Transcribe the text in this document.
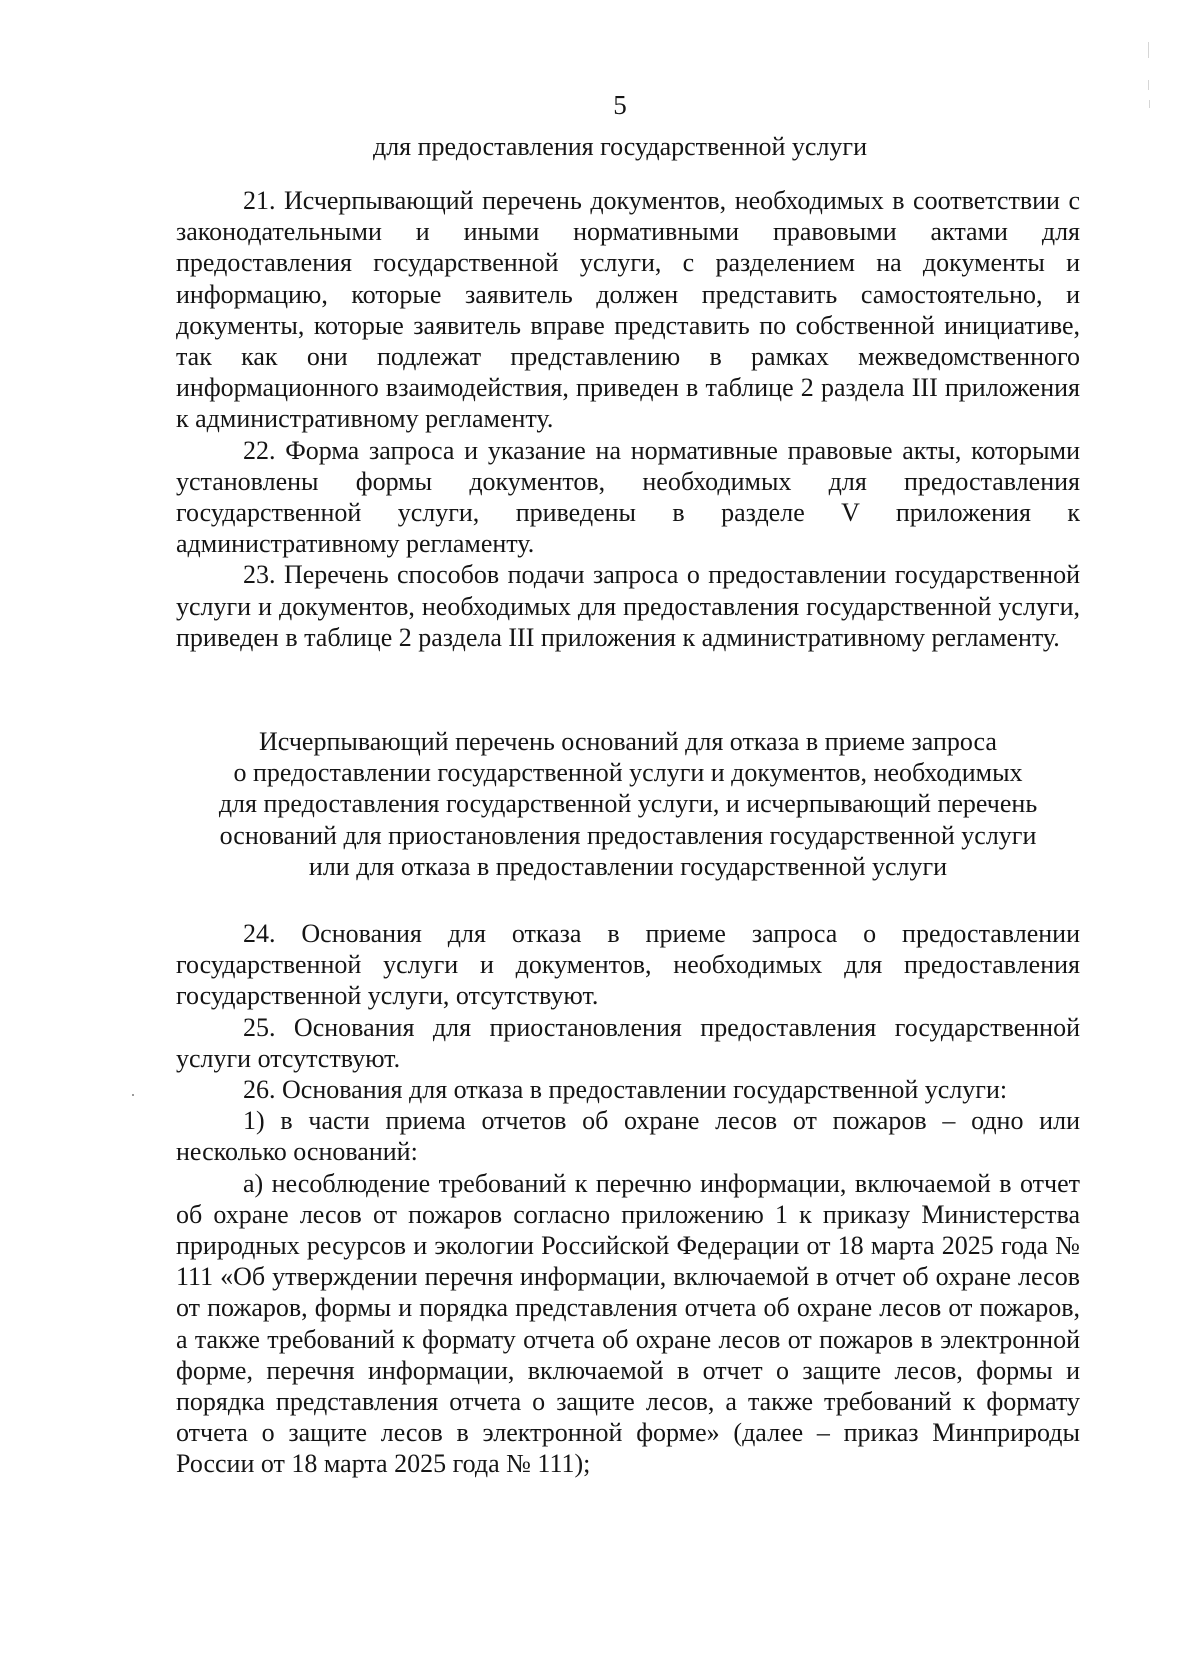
5
для предоставления государственной услуги

21. Исчерпывающий перечень документов, необходимых в соответствии с законодательными и иными нормативными правовыми актами для предоставления государственной услуги, с разделением на документы и информацию, которые заявитель должен представить самостоятельно, и документы, которые заявитель вправе представить по собственной инициативе, так как они подлежат представлению в рамках межведомственного информационного взаимодействия, приведен в таблице 2 раздела III приложения к административному регламенту.

22. Форма запроса и указание на нормативные правовые акты, которыми установлены формы документов, необходимых для предоставления государственной услуги, приведены в разделе V приложения к административному регламенту.

23. Перечень способов подачи запроса о предоставлении государственной услуги и документов, необходимых для предоставления государственной услуги, приведен в таблице 2 раздела III приложения к административному регламенту.

Исчерпывающий перечень оснований для отказа в приеме запроса
о предоставлении государственной услуги и документов, необходимых
для предоставления государственной услуги, и исчерпывающий перечень
оснований для приостановления предоставления государственной услуги
или для отказа в предоставлении государственной услуги

24. Основания для отказа в приеме запроса о предоставлении государственной услуги и документов, необходимых для предоставления государственной услуги, отсутствуют.

25. Основания для приостановления предоставления государственной услуги отсутствуют.

26. Основания для отказа в предоставлении государственной услуги:

1) в части приема отчетов об охране лесов от пожаров – одно или несколько оснований:

а) несоблюдение требований к перечню информации, включаемой в отчет об охране лесов от пожаров согласно приложению 1 к приказу Министерства природных ресурсов и экологии Российской Федерации от 18 марта 2025 года № 111 «Об утверждении перечня информации, включаемой в отчет об охране лесов от пожаров, формы и порядка представления отчета об охране лесов от пожаров, а также требований к формату отчета об охране лесов от пожаров в электронной форме, перечня информации, включаемой в отчет о защите лесов, формы и порядка представления отчета о защите лесов, а также требований к формату отчета о защите лесов в электронной форме» (далее – приказ Минприроды России от 18 марта 2025 года № 111);
